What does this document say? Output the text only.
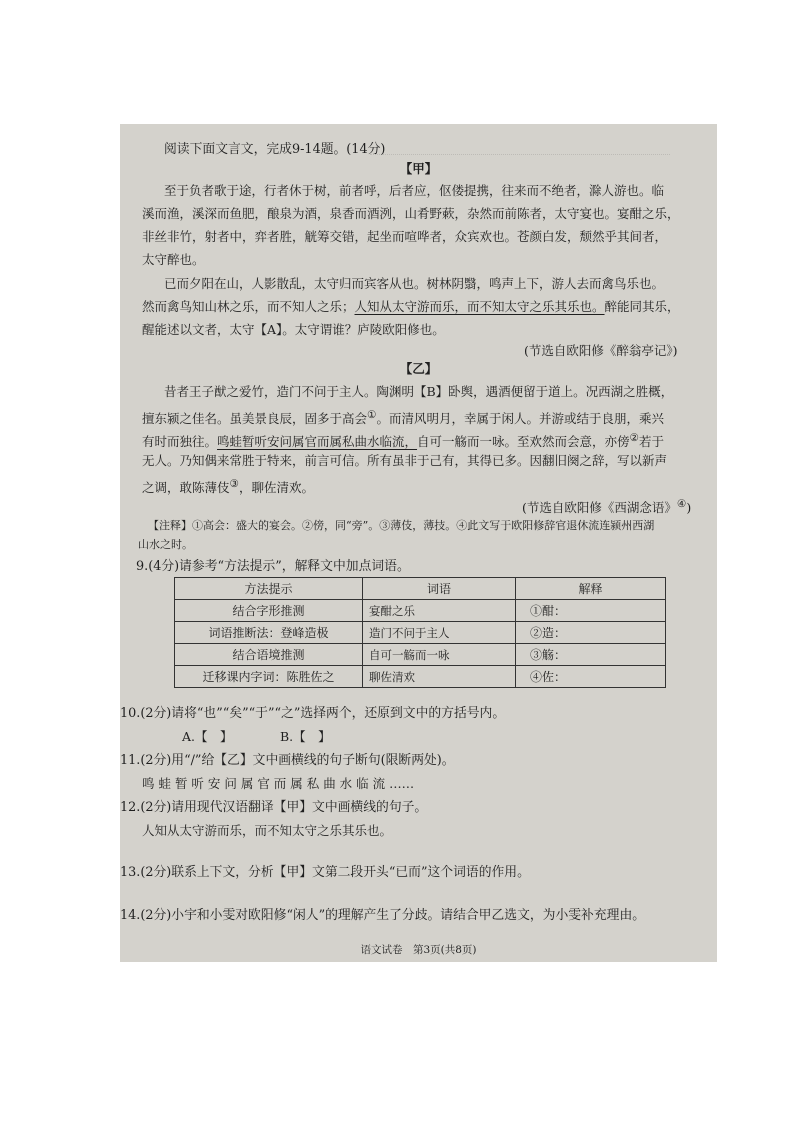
阅读下面文言文，完成9-14题。(14分)
【甲】
至于负者歌于途，行者休于树，前者呼，后者应，伛偻提携，往来而不绝者，滁人游也。临
溪而渔，溪深而鱼肥，酿泉为酒，泉香而酒洌，山肴野蔌，杂然而前陈者，太守宴也。宴酣之乐，
非丝非竹，射者中，弈者胜，觥筹交错，起坐而喧哗者，众宾欢也。苍颜白发，颓然乎其间者，
太守醉也。
已而夕阳在山，人影散乱，太守归而宾客从也。树林阴翳，鸣声上下，游人去而禽鸟乐也。
然而禽鸟知山林之乐，而不知人之乐；人知从太守游而乐，而不知太守之乐其乐也。醉能同其乐，
醒能述以文者，太守【A】。太守谓谁？庐陵欧阳修也。
(节选自欧阳修《醉翁亭记》)
【乙】
昔者王子猷之爱竹，造门不问于主人。陶渊明【B】卧舆，遇酒便留于道上。况西湖之胜概，
擅东颍之佳名。虽美景良辰，固多于高会①。而清风明月，幸属于闲人。并游或结于良朋，乘兴
有时而独往。鸣蛙暂听安问属官而属私曲水临流，自可一觞而一咏。至欢然而会意，亦傍②若于
无人。乃知偶来常胜于特来，前言可信。所有虽非于己有，其得已多。因翻旧阕之辞，写以新声
之调，敢陈薄伎③，聊佐清欢。
(节选自欧阳修《西湖念语》④)
【注释】①高会：盛大的宴会。②傍，同“旁”。③薄伎，薄技。④此文写于欧阳修辞官退休流连颍州西湖
山水之时。
9.(4分)请参考“方法提示”，解释文中加点词语。
方法提示	词语	解释
结合字形推测	宴酣之乐	①酣：
词语推断法：登峰造极	造门不问于主人	②造：
结合语境推测	自可一觞而一咏	③觞：
迁移课内字词：陈胜佐之	聊佐清欢	④佐：
10.(2分)请将“也”“矣”“于”“之”选择两个，还原到文中的方括号内。
A.【　】	B.【　】
11.(2分)用“/”给【乙】文中画横线的句子断句(限断两处)。
鸣 蛙 暂 听 安 问 属 官 而 属 私 曲 水 临 流 ……
12.(2分)请用现代汉语翻译【甲】文中画横线的句子。
人知从太守游而乐，而不知太守之乐其乐也。
13.(2分)联系上下文，分析【甲】文第二段开头“已而”这个词语的作用。
14.(2分)小宇和小雯对欧阳修“闲人”的理解产生了分歧。请结合甲乙选文，为小雯补充理由。
语文试卷　第3页(共8页)
